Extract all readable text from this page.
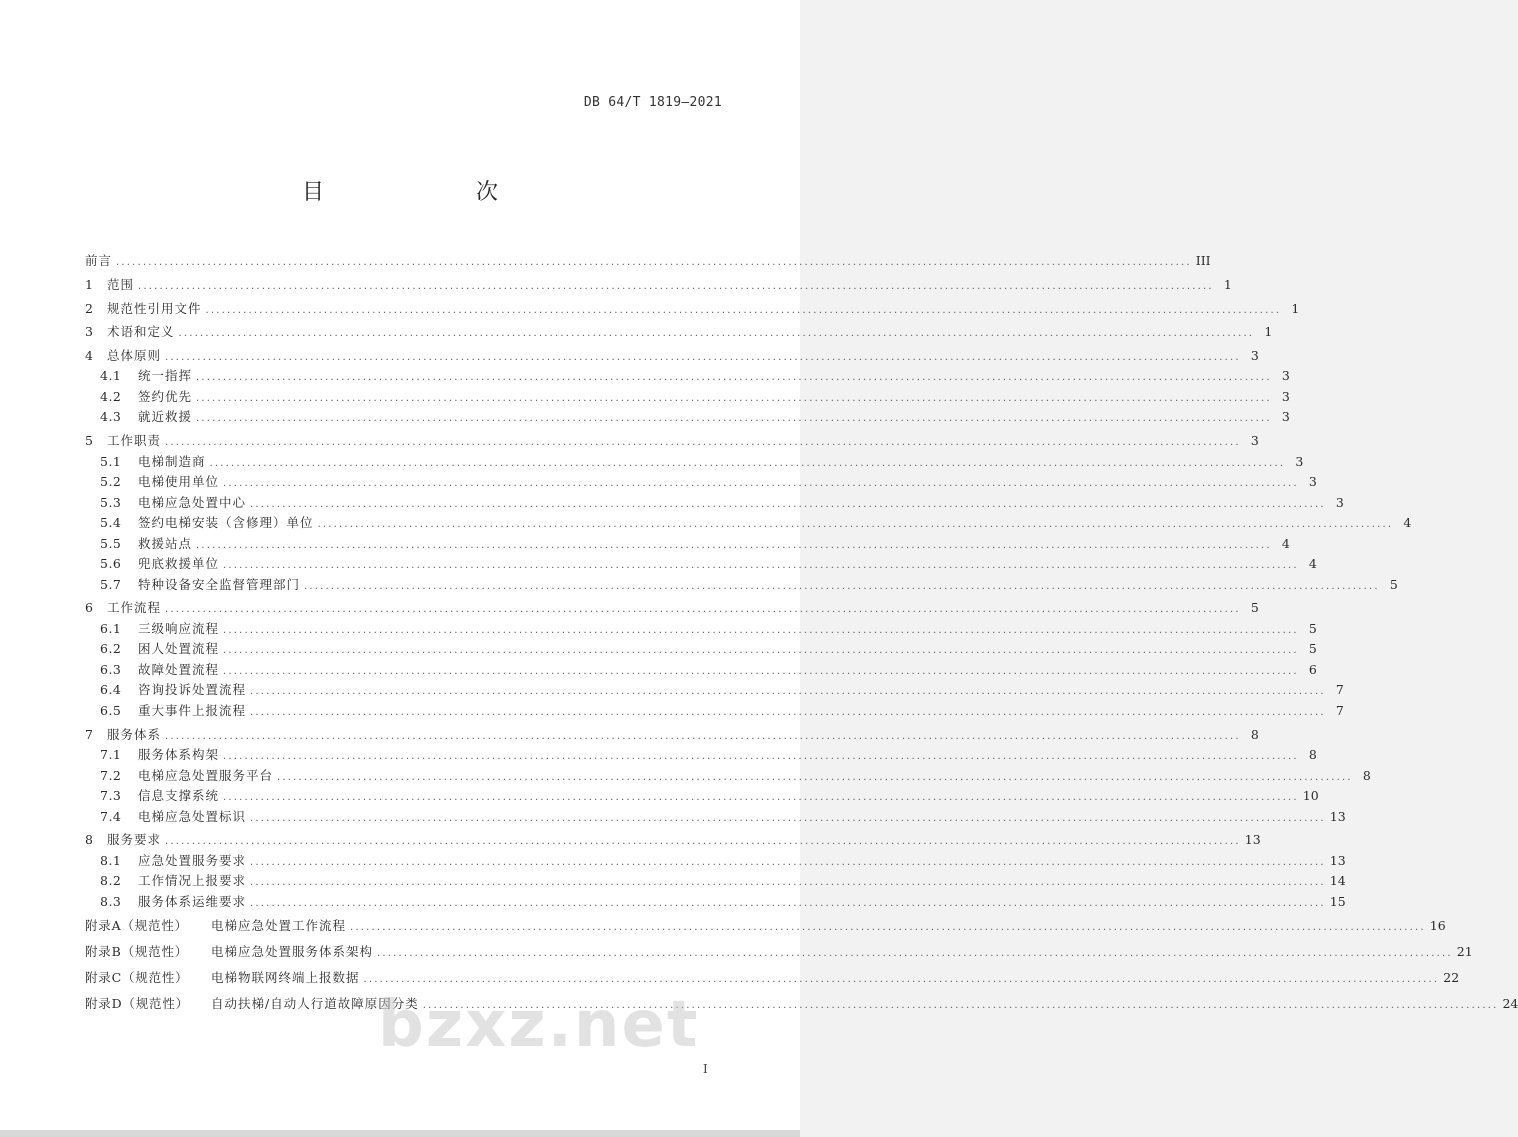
DB 64/T 1819—2021
目　　次
前言 ........................................................................................................................................................................................................ III
1	范围 ........................................................................................................................................................................................................ 1
2	规范性引用文件 ........................................................................................................................................................................................................ 1
3	术语和定义 ........................................................................................................................................................................................................ 1
4	总体原则 ........................................................................................................................................................................................................ 3
4.1	统一指挥 ........................................................................................................................................................................................................ 3
4.2	签约优先 ........................................................................................................................................................................................................ 3
4.3	就近救援 ........................................................................................................................................................................................................ 3
5	工作职责 ........................................................................................................................................................................................................ 3
5.1	电梯制造商 ........................................................................................................................................................................................................ 3
5.2	电梯使用单位 ........................................................................................................................................................................................................ 3
5.3	电梯应急处置中心 ........................................................................................................................................................................................................ 3
5.4	签约电梯安装（含修理）单位 ........................................................................................................................................................................................................ 4
5.5	救援站点 ........................................................................................................................................................................................................ 4
5.6	兜底救援单位 ........................................................................................................................................................................................................ 4
5.7	特种设备安全监督管理部门 ........................................................................................................................................................................................................ 5
6	工作流程 ........................................................................................................................................................................................................ 5
6.1	三级响应流程 ........................................................................................................................................................................................................ 5
6.2	困人处置流程 ........................................................................................................................................................................................................ 5
6.3	故障处置流程 ........................................................................................................................................................................................................ 6
6.4	咨询投诉处置流程 ........................................................................................................................................................................................................ 7
6.5	重大事件上报流程 ........................................................................................................................................................................................................ 7
7	服务体系 ........................................................................................................................................................................................................ 8
7.1	服务体系构架 ........................................................................................................................................................................................................ 8
7.2	电梯应急处置服务平台 ........................................................................................................................................................................................................ 8
7.3	信息支撑系统 ........................................................................................................................................................................................................ 10
7.4	电梯应急处置标识 ........................................................................................................................................................................................................ 13
8	服务要求 ........................................................................................................................................................................................................ 13
8.1	应急处置服务要求 ........................................................................................................................................................................................................ 13
8.2	工作情况上报要求 ........................................................................................................................................................................................................ 14
8.3	服务体系运维要求 ........................................................................................................................................................................................................ 15
附录A（规范性）	电梯应急处置工作流程 ........................................................................................................................................................................................................ 16
附录B（规范性）	电梯应急处置服务体系架构 ........................................................................................................................................................................................................ 21
附录C（规范性）	电梯物联网终端上报数据 ........................................................................................................................................................................................................ 22
附录D（规范性）	自动扶梯/自动人行道故障原因分类 ........................................................................................................................................................................................................ 24
bzxz.net
I
